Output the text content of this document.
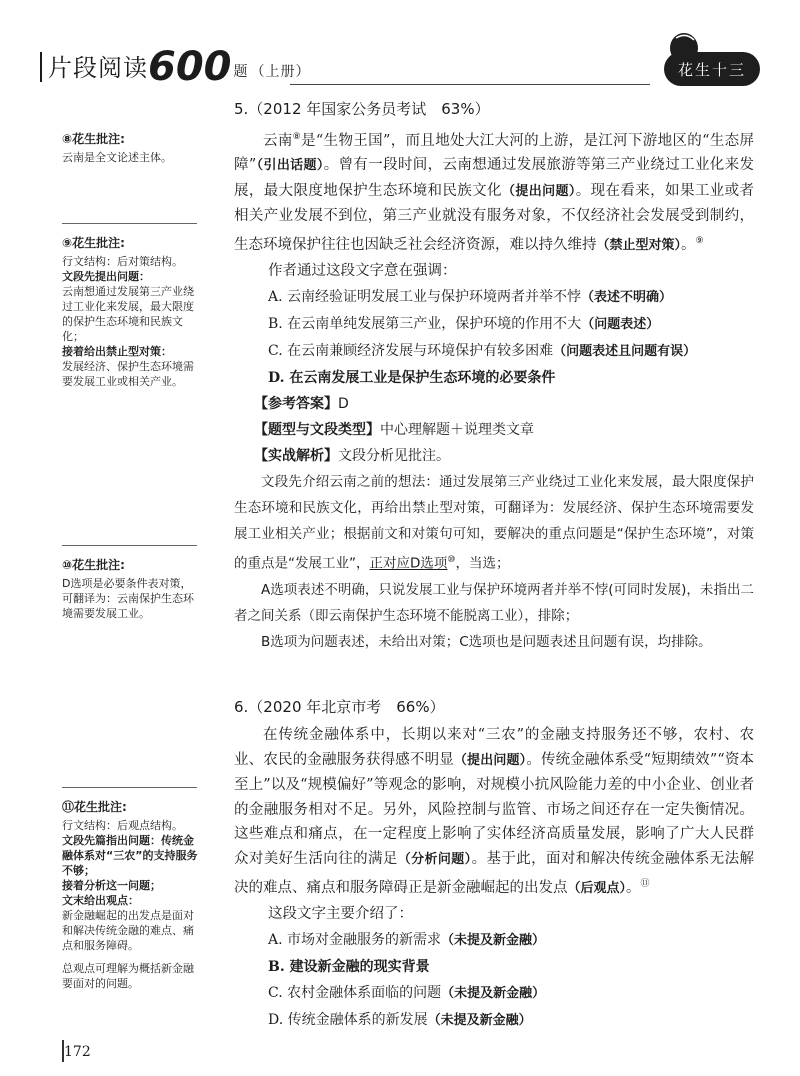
片段阅读600 题 （上册）	花生十三
⑧花生批注:
云南是全文论述主体。
⑨花生批注:
行文结构：后对策结构。
文段先提出问题：
云南想通过发展第三产业绕过工业化来发展，最大限度的保护生态环境和民族文化；
接着给出禁止型对策：
发展经济、保护生态环境需要发展工业或相关产业。
⑩花生批注:
D选项是必要条件表对策，
可翻译为：云南保护生态环境需要发展工业。
⑪花生批注:
行文结构：后观点结构。
文段先篇指出问题：传统金融体系对“三农”的支持服务不够；
接着分析这一问题；
文末给出观点：
新金融崛起的出发点是面对和解决传统金融的难点、痛点和服务障碍。
总观点可理解为概括新金融要面对的问题。
5.（2012 年国家公务员考试　63%）

云南⑧是“生物王国”，而且地处大江大河的上游，是江河下游地区的“生态屏障”（引出话题）。曾有一段时间，云南想通过发展旅游等第三产业绕过工业化来发展，最大限度地保护生态环境和民族文化（提出问题）。现在看来，如果工业或者相关产业发展不到位，第三产业就没有服务对象，不仅经济社会发展受到制约，生态环境保护往往也因缺乏社会经济资源，难以持久维持（禁止型对策）。⑨

作者通过这段文字意在强调：
A. 云南经验证明发展工业与保护环境两者并举不悖（表述不明确）
B. 在云南单纯发展第三产业，保护环境的作用不大（问题表述）
C. 在云南兼顾经济发展与环境保护有较多困难（问题表述且问题有误）
D. 在云南发展工业是保护生态环境的必要条件
【参考答案】D
【题型与文段类型】中心理解题＋说理类文章
【实战解析】文段分析见批注。

文段先介绍云南之前的想法：通过发展第三产业绕过工业化来发展，最大限度保护生态环境和民族文化，再给出禁止型对策，可翻译为：发展经济、保护生态环境需要发展工业相关产业；根据前文和对策句可知，要解决的重点问题是“保护生态环境”，对策的重点是“发展工业”，正对应D选项⑩，当选；

A选项表述不明确，只说发展工业与保护环境两者并举不悖(可同时发展)，未指出二者之间关系（即云南保护生态环境不能脱离工业），排除；

B选项为问题表述，未给出对策；C选项也是问题表述且问题有误，均排除。

6.（2020 年北京市考　66%）

在传统金融体系中，长期以来对“三农”的金融支持服务还不够，农村、农业、农民的金融服务获得感不明显（提出问题）。传统金融体系受“短期绩效”“资本至上”以及“规模偏好”等观念的影响，对规模小抗风险能力差的中小企业、创业者的金融服务相对不足。另外，风险控制与监管、市场之间还存在一定失衡情况。这些难点和痛点，在一定程度上影响了实体经济高质量发展，影响了广大人民群众对美好生活向往的满足（分析问题）。基于此，面对和解决传统金融体系无法解决的难点、痛点和服务障碍正是新金融崛起的出发点（后观点）。⑪

这段文字主要介绍了：
A. 市场对金融服务的新需求（未提及新金融）
B. 建设新金融的现实背景
C. 农村金融体系面临的问题（未提及新金融）
D. 传统金融体系的新发展（未提及新金融）
172
